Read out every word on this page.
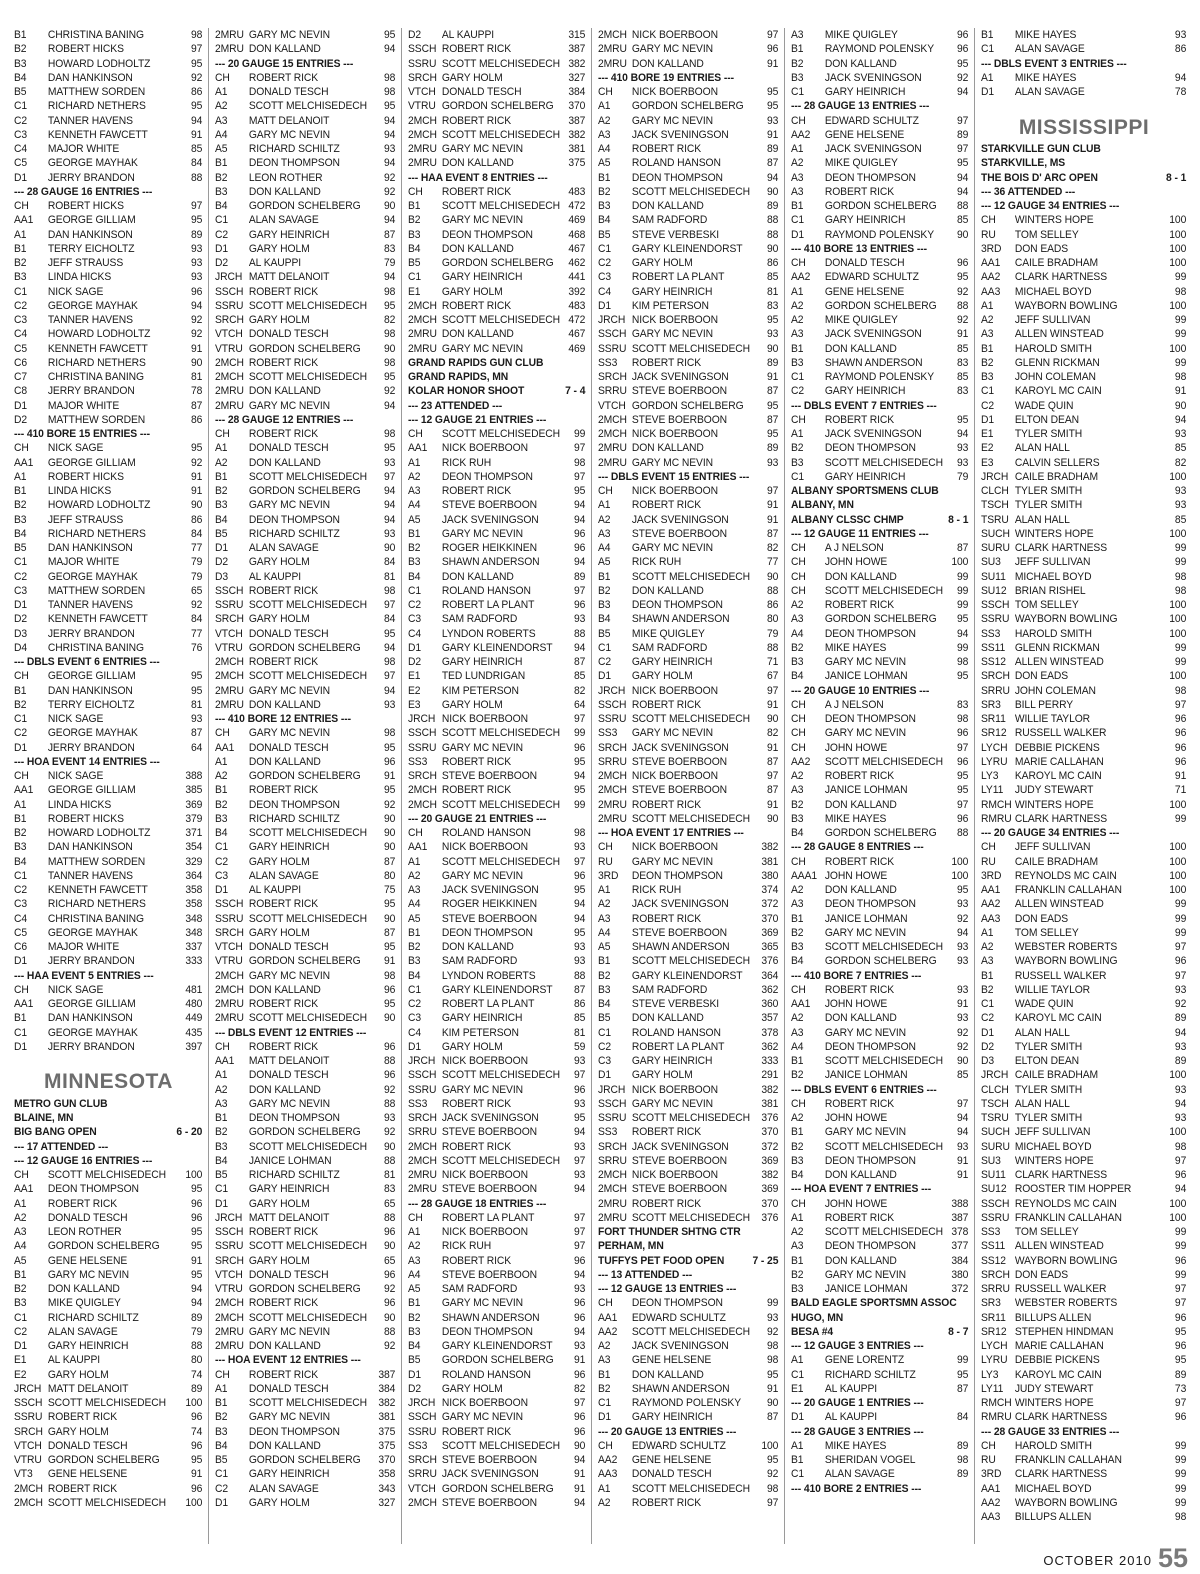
B1	CHRISTINA BANING	98
B2	ROBERT HICKS	97
B3	HOWARD LODHOLTZ	95
B4	DAN HANKINSON	92
B5	MATTHEW SORDEN	86
C1	RICHARD NETHERS	95
C2	TANNER HAVENS	94
C3	KENNETH FAWCETT	91
C4	MAJOR WHITE	85
C5	GEORGE MAYHAK	84
D1	JERRY BRANDON	88
--- 28 GAUGE 16 ENTRIES ---
CH	ROBERT HICKS	97
AA1	GEORGE GILLIAM	95
A1	DAN HANKINSON	89
B1	TERRY EICHOLTZ	93
B2	JEFF STRAUSS	93
B3	LINDA HICKS	93
C1	NICK SAGE	96
C2	GEORGE MAYHAK	94
C3	TANNER HAVENS	92
C4	HOWARD LODHOLTZ	92
C5	KENNETH FAWCETT	91
C6	RICHARD NETHERS	90
C7	CHRISTINA BANING	81
C8	JERRY BRANDON	78
D1	MAJOR WHITE	87
D2	MATTHEW SORDEN	86
--- 410 BORE 15 ENTRIES ---
CH	NICK SAGE	95
AA1	GEORGE GILLIAM	92
A1	ROBERT HICKS	91
B1	LINDA HICKS	91
B2	HOWARD LODHOLTZ	90
B3	JEFF STRAUSS	86
B4	RICHARD NETHERS	84
B5	DAN HANKINSON	77
C1	MAJOR WHITE	79
C2	GEORGE MAYHAK	79
C3	MATTHEW SORDEN	65
D1	TANNER HAVENS	92
D2	KENNETH FAWCETT	84
D3	JERRY BRANDON	77
D4	CHRISTINA BANING	76
--- DBLS EVENT 6 ENTRIES ---
CH	GEORGE GILLIAM	95
B1	DAN HANKINSON	95
B2	TERRY EICHOLTZ	81
C1	NICK SAGE	93
C2	GEORGE MAYHAK	87
D1	JERRY BRANDON	64
--- HOA EVENT 14 ENTRIES ---
CH	NICK SAGE	388
AA1	GEORGE GILLIAM	385
A1	LINDA HICKS	369
B1	ROBERT HICKS	379
B2	HOWARD LODHOLTZ	371
B3	DAN HANKINSON	354
B4	MATTHEW SORDEN	329
C1	TANNER HAVENS	364
C2	KENNETH FAWCETT	358
C3	RICHARD NETHERS	358
C4	CHRISTINA BANING	348
C5	GEORGE MAYHAK	348
C6	MAJOR WHITE	337
D1	JERRY BRANDON	333
--- HAA EVENT 5 ENTRIES ---
CH	NICK SAGE	481
AA1	GEORGE GILLIAM	480
B1	DAN HANKINSON	449
C1	GEORGE MAYHAK	435
D1	JERRY BRANDON	397
MINNESOTA
METRO GUN CLUB
BLAINE, MN
BIG BANG OPEN	6 - 20
--- 17 ATTENDED ---
--- 12 GAUGE 16 ENTRIES ---
CH	SCOTT MELCHISEDECH	100
AA1	DEON THOMPSON	95
A1	ROBERT RICK	96
A2	DONALD TESCH	96
A3	LEON ROTHER	95
A4	GORDON SCHELBERG	95
A5	GENE HELSENE	91
B1	GARY MC NEVIN	95
B2	DON KALLAND	94
B3	MIKE QUIGLEY	94
C1	RICHARD SCHILTZ	89
C2	ALAN SAVAGE	79
D1	GARY HEINRICH	88
E1	AL KAUPPI	80
E2	GARY HOLM	74
JRCH MATT DELANOIT	89
SSCH SCOTT MELCHISEDECH	100
SSRU ROBERT RICK	96
SRCH GARY HOLM	74
VTCH DONALD TESCH	96
VTRU GORDON SCHELBERG	95
VT3	GENE HELSENE	91
2MCH ROBERT RICK	96
2MCH SCOTT MELCHISEDECH	100
2MRU GARY MC NEVIN	95
2MRU DON KALLAND	94
--- 20 GAUGE 15 ENTRIES ---
CH	ROBERT RICK	98
A1	DONALD TESCH	98
A2	SCOTT MELCHISEDECH	95
A3	MATT DELANOIT	94
A4	GARY MC NEVIN	94
A5	RICHARD SCHILTZ	93
B1	DEON THOMPSON	94
B2	LEON ROTHER	92
B3	DON KALLAND	92
B4	GORDON SCHELBERG	90
C1	ALAN SAVAGE	94
C2	GARY HEINRICH	87
D1	GARY HOLM	83
D2	AL KAUPPI	79
JRCH MATT DELANOIT	94
SSCH ROBERT RICK	98
SSRU SCOTT MELCHISEDECH	95
SRCH GARY HOLM	82
VTCH DONALD TESCH	98
VTRU GORDON SCHELBERG	90
2MCH ROBERT RICK	98
2MCH SCOTT MELCHISEDECH	95
2MRU DON KALLAND	92
2MRU GARY MC NEVIN	94
--- 28 GAUGE 12 ENTRIES ---
CH	ROBERT RICK	98
A1	DONALD TESCH	95
A2	DON KALLAND	93
B1	SCOTT MELCHISEDECH	97
B2	GORDON SCHELBERG	94
B3	GARY MC NEVIN	94
B4	DEON THOMPSON	94
B5	RICHARD SCHILTZ	93
D1	ALAN SAVAGE	90
D2	GARY HOLM	84
D3	AL KAUPPI	81
SSCH ROBERT RICK	98
SSRU SCOTT MELCHISEDECH	97
SRCH GARY HOLM	84
VTCH DONALD TESCH	95
VTRU GORDON SCHELBERG	94
2MCH ROBERT RICK	98
2MCH SCOTT MELCHISEDECH	97
2MRU GARY MC NEVIN	94
2MRU DON KALLAND	93
--- 410 BORE 12 ENTRIES ---
CH	GARY MC NEVIN	98
AA1	DONALD TESCH	95
A1	DON KALLAND	96
A2	GORDON SCHELBERG	91
B1	ROBERT RICK	95
B2	DEON THOMPSON	92
B3	RICHARD SCHILTZ	90
B4	SCOTT MELCHISEDECH	90
C1	GARY HEINRICH	90
C2	GARY HOLM	87
C3	ALAN SAVAGE	80
D1	AL KAUPPI	75
SSCH ROBERT RICK	95
SSRU SCOTT MELCHISEDECH	90
SRCH GARY HOLM	87
VTCH DONALD TESCH	95
VTRU GORDON SCHELBERG	91
2MCH GARY MC NEVIN	98
2MCH DON KALLAND	96
2MRU ROBERT RICK	95
2MRU SCOTT MELCHISEDECH	90
--- DBLS EVENT 12 ENTRIES ---
CH	ROBERT RICK	96
AA1	MATT DELANOIT	88
A1	DONALD TESCH	96
A2	DON KALLAND	92
A3	GARY MC NEVIN	88
B1	DEON THOMPSON	93
B2	GORDON SCHELBERG	92
B3	SCOTT MELCHISEDECH	90
B4	JANICE LOHMAN	88
B5	RICHARD SCHILTZ	81
C1	GARY HEINRICH	83
D1	GARY HOLM	65
JRCH MATT DELANOIT	88
SSCH ROBERT RICK	96
SSRU SCOTT MELCHISEDECH	90
SRCH GARY HOLM	65
VTCH DONALD TESCH	96
VTRU GORDON SCHELBERG	92
2MCH ROBERT RICK	96
2MCH SCOTT MELCHISEDECH	90
2MRU GARY MC NEVIN	88
2MRU DON KALLAND	92
--- HOA EVENT 12 ENTRIES ---
CH	ROBERT RICK	387
A1	DONALD TESCH	384
B1	SCOTT MELCHISEDECH	382
B2	GARY MC NEVIN	381
B3	DEON THOMPSON	375
B4	DON KALLAND	375
B5	GORDON SCHELBERG	370
C1	GARY HEINRICH	358
C2	ALAN SAVAGE	343
D1	GARY HOLM	327
D2	AL KAUPPI	315
SSCH ROBERT RICK	387
SSRU SCOTT MELCHISEDECH 382
SRCH GARY HOLM	327
VTCH DONALD TESCH	384
VTRU GORDON SCHELBERG	370
2MCH ROBERT RICK	387
2MCH SCOTT MELCHISEDECH 382
2MRU GARY MC NEVIN	381
2MRU DON KALLAND	375
--- HAA EVENT 8 ENTRIES ---
CH	ROBERT RICK	483
B1	SCOTT MELCHISEDECH 472
B2	GARY MC NEVIN	469
B3	DEON THOMPSON	468
B4	DON KALLAND	467
B5	GORDON SCHELBERG	462
C1	GARY HEINRICH	441
E1	GARY HOLM	392
2MCH ROBERT RICK	483
2MCH SCOTT MELCHISEDECH 472
2MRU DON KALLAND	467
2MRU GARY MC NEVIN	469
GRAND RAPIDS GUN CLUB
GRAND RAPIDS, MN
KOLAR HONOR SHOOT	7 - 4
--- 23 ATTENDED ---
--- 12 GAUGE 21 ENTRIES ---
CH	SCOTT MELCHISEDECH	99
AA1	NICK BOERBOON	97
A1	RICK RUH	98
A2	DEON THOMPSON	97
A3	ROBERT RICK	95
A4	STEVE BOERBOON	94
A5	JACK SVENINGSON	94
B1	GARY MC NEVIN	96
B2	ROGER HEIKKINEN	96
B3	SHAWN ANDERSON	94
B4	DON KALLAND	89
C1	ROLAND HANSON	97
C2	ROBERT LA PLANT	96
C3	SAM RADFORD	93
C4	LYNDON ROBERTS	88
D1	GARY KLEINENDORST	94
D2	GARY HEINRICH	87
E1	TED LUNDRIGAN	85
E2	KIM PETERSON	82
E3	GARY HOLM	64
JRCH NICK BOERBOON	97
SSCH SCOTT MELCHISEDECH	99
SSRU GARY MC NEVIN	96
SS3	ROBERT RICK	95
SRCH STEVE BOERBOON	94
2MCH ROBERT RICK	95
2MCH SCOTT MELCHISEDECH	99
--- 20 GAUGE 21 ENTRIES ---
CH	ROLAND HANSON	98
AA1	NICK BOERBOON	93
A1	SCOTT MELCHISEDECH	97
A2	GARY MC NEVIN	96
A3	JACK SVENINGSON	95
A4	ROGER HEIKKINEN	94
A5	STEVE BOERBOON	94
B1	DEON THOMPSON	95
B2	DON KALLAND	93
B3	SAM RADFORD	93
B4	LYNDON ROBERTS	88
C1	GARY KLEINENDORST	87
C2	ROBERT LA PLANT	86
C3	GARY HEINRICH	85
C4	KIM PETERSON	81
D1	GARY HOLM	59
JRCH NICK BOERBOON	93
SSCH SCOTT MELCHISEDECH	97
SSRU GARY MC NEVIN	96
SS3	ROBERT RICK	93
SRCH JACK SVENINGSON	95
SRRU STEVE BOERBOON	94
2MCH ROBERT RICK	93
2MCH SCOTT MELCHISEDECH	97
2MRU NICK BOERBOON	93
2MRU STEVE BOERBOON	94
--- 28 GAUGE 18 ENTRIES ---
CH	ROBERT LA PLANT	97
A1	NICK BOERBOON	97
A2	RICK RUH	97
A3	ROBERT RICK	96
A4	STEVE BOERBOON	94
A5	SAM RADFORD	93
B1	GARY MC NEVIN	96
B2	SHAWN ANDERSON	96
B3	DEON THOMPSON	94
B4	GARY KLEINENDORST	93
B5	GORDON SCHELBERG	91
D1	ROLAND HANSON	96
D2	GARY HOLM	82
JRCH NICK BOERBOON	97
SSCH GARY MC NEVIN	96
SSRU ROBERT RICK	96
SS3	SCOTT MELCHISEDECH	90
SRCH STEVE BOERBOON	94
SRRU JACK SVENINGSON	91
VTCH GORDON SCHELBERG	91
2MCH STEVE BOERBOON	94
2MCH NICK BOERBOON	97
2MRU GARY MC NEVIN	96
2MRU DON KALLAND	91
--- 410 BORE 19 ENTRIES ---
CH	NICK BOERBOON	95
A1	GORDON SCHELBERG	95
A2	GARY MC NEVIN	93
A3	JACK SVENINGSON	91
A4	ROBERT RICK	89
A5	ROLAND HANSON	87
B1	DEON THOMPSON	94
B2	SCOTT MELCHISEDECH	90
B3	DON KALLAND	89
B4	SAM RADFORD	88
B5	STEVE VERBESKI	88
C1	GARY KLEINENDORST	90
C2	GARY HOLM	86
C3	ROBERT LA PLANT	85
C4	GARY HEINRICH	81
D1	KIM PETERSON	83
JRCH NICK BOERBOON	95
SSCH GARY MC NEVIN	93
SSRU SCOTT MELCHISEDECH	90
SS3	ROBERT RICK	89
SRCH JACK SVENINGSON	91
SRRU STEVE BOERBOON	87
VTCH GORDON SCHELBERG	95
2MCH STEVE BOERBOON	87
2MCH NICK BOERBOON	95
2MRU DON KALLAND	89
2MRU GARY MC NEVIN	93
--- DBLS EVENT 15 ENTRIES ---
CH	NICK BOERBOON	97
A1	ROBERT RICK	91
A2	JACK SVENINGSON	91
A3	STEVE BOERBOON	87
A4	GARY MC NEVIN	82
A5	RICK RUH	77
B1	SCOTT MELCHISEDECH	90
B2	DON KALLAND	88
B3	DEON THOMPSON	86
B4	SHAWN ANDERSON	80
B5	MIKE QUIGLEY	79
C1	SAM RADFORD	88
C2	GARY HEINRICH	71
D1	GARY HOLM	67
JRCH NICK BOERBOON	97
SSCH ROBERT RICK	91
SSRU SCOTT MELCHISEDECH	90
SS3	GARY MC NEVIN	82
SRCH JACK SVENINGSON	91
SRRU STEVE BOERBOON	87
2MCH NICK BOERBOON	97
2MCH STEVE BOERBOON	87
2MRU ROBERT RICK	91
2MRU SCOTT MELCHISEDECH	90
--- HOA EVENT 17 ENTRIES ---
CH	NICK BOERBOON	382
RU	GARY MC NEVIN	381
3RD	DEON THOMPSON	380
A1	RICK RUH	374
A2	JACK SVENINGSON	372
A3	ROBERT RICK	370
A4	STEVE BOERBOON	369
A5	SHAWN ANDERSON	365
B1	SCOTT MELCHISEDECH	376
B2	GARY KLEINENDORST	364
B3	SAM RADFORD	362
B4	STEVE VERBESKI	360
B5	DON KALLAND	357
C1	ROLAND HANSON	378
C2	ROBERT LA PLANT	362
C3	GARY HEINRICH	333
D1	GARY HOLM	291
JRCH NICK BOERBOON	382
SSCH GARY MC NEVIN	381
SSRU SCOTT MELCHISEDECH	376
SS3	ROBERT RICK	370
SRCH JACK SVENINGSON	372
SRRU STEVE BOERBOON	369
2MCH NICK BOERBOON	382
2MCH STEVE BOERBOON	369
2MRU ROBERT RICK	370
2MRU SCOTT MELCHISEDECH	376
FORT THUNDER SHTNG CTR
PERHAM, MN
TUFFYS PET FOOD OPEN	7 - 25
--- 13 ATTENDED ---
--- 12 GAUGE 13 ENTRIES ---
CH	DEON THOMPSON	99
AA1	EDWARD SCHULTZ	93
AA2	SCOTT MELCHISEDECH	92
A2	JACK SVENINGSON	98
A3	GENE HELSENE	98
B1	DON KALLAND	95
B2	SHAWN ANDERSON	91
C1	RAYMOND POLENSKY	90
D1	GARY HEINRICH	87
--- 20 GAUGE 13 ENTRIES ---
CH	EDWARD SCHULTZ	100
AA2	GENE HELSENE	95
AA3	DONALD TESCH	92
A1	SCOTT MELCHISEDECH	98
A2	ROBERT RICK	97
A3	MIKE QUIGLEY	96
B1	RAYMOND POLENSKY	96
B2	DON KALLAND	95
B3	JACK SVENINGSON	92
C1	GARY HEINRICH	94
--- 28 GAUGE 13 ENTRIES ---
CH	EDWARD SCHULTZ	97
AA2	GENE HELSENE	89
A1	JACK SVENINGSON	97
A2	MIKE QUIGLEY	95
A3	DEON THOMPSON	94
A3	ROBERT RICK	94
B1	GORDON SCHELBERG	88
C1	GARY HEINRICH	85
D1	RAYMOND POLENSKY	90
--- 410 BORE 13 ENTRIES ---
CH	DONALD TESCH	96
AA2	EDWARD SCHULTZ	95
A1	GENE HELSENE	92
A2	GORDON SCHELBERG	88
A2	MIKE QUIGLEY	92
A3	JACK SVENINGSON	91
B1	DON KALLAND	85
B3	SHAWN ANDERSON	83
C1	RAYMOND POLENSKY	85
C2	GARY HEINRICH	83
--- DBLS EVENT 7 ENTRIES ---
CH	ROBERT RICK	95
A1	JACK SVENINGSON	94
B2	DEON THOMPSON	93
B3	SCOTT MELCHISEDECH	93
C1	GARY HEINRICH	79
ALBANY SPORTSMENS CLUB
ALBANY, MN
ALBANY CLSSC CHMP	8 - 1
--- 12 GAUGE 11 ENTRIES ---
CH	A J NELSON	87
CH	JOHN HOWE	100
CH	DON KALLAND	99
CH	SCOTT MELCHISEDECH	99
A2	ROBERT RICK	99
A3	GORDON SCHELBERG	95
A4	DEON THOMPSON	94
B2	MIKE HAYES	99
B3	GARY MC NEVIN	98
B4	JANICE LOHMAN	95
--- 20 GAUGE 10 ENTRIES ---
CH	A J NELSON	83
CH	DEON THOMPSON	98
CH	GARY MC NEVIN	96
CH	JOHN HOWE	97
AA2	SCOTT MELCHISEDECH	96
A2	ROBERT RICK	95
A3	JANICE LOHMAN	95
B2	DON KALLAND	97
B3	MIKE HAYES	96
B4	GORDON SCHELBERG	88
--- 28 GAUGE 8 ENTRIES ---
CH	ROBERT RICK	100
AAA1 JOHN HOWE	100
A2	DON KALLAND	95
A3	DEON THOMPSON	93
B1	JANICE LOHMAN	92
B2	GARY MC NEVIN	94
B3	SCOTT MELCHISEDECH	93
B4	GORDON SCHELBERG	93
--- 410 BORE 7 ENTRIES ---
CH	ROBERT RICK	93
AA1	JOHN HOWE	91
A2	DON KALLAND	93
A3	GARY MC NEVIN	92
A4	DEON THOMPSON	92
B1	SCOTT MELCHISEDECH	90
B2	JANICE LOHMAN	85
--- DBLS EVENT 6 ENTRIES ---
CH	ROBERT RICK	97
A2	JOHN HOWE	94
B1	GARY MC NEVIN	94
B2	SCOTT MELCHISEDECH	93
B3	DEON THOMPSON	91
B4	DON KALLAND	91
--- HOA EVENT 7 ENTRIES ---
CH	JOHN HOWE	388
A1	ROBERT RICK	387
A2	SCOTT MELCHISEDECH 378
A3	DEON THOMPSON	377
B1	DON KALLAND	384
B2	GARY MC NEVIN	380
B3	JANICE LOHMAN	372
BALD EAGLE SPORTSMN ASSOC
HUGO, MN
BESA #4	8 - 7
--- 12 GAUGE 3 ENTRIES ---
A1	GENE LORENTZ	99
C1	RICHARD SCHILTZ	95
E1	AL KAUPPI	87
--- 20 GAUGE 1 ENTRIES ---
D1	AL KAUPPI	84
--- 28 GAUGE 3 ENTRIES ---
A1	MIKE HAYES	89
B1	SHERIDAN VOGEL	98
C1	ALAN SAVAGE	89
--- 410 BORE 2 ENTRIES ---
B1	MIKE HAYES	93
C1	ALAN SAVAGE	86
--- DBLS EVENT 3 ENTRIES ---
A1	MIKE HAYES	94
D1	ALAN SAVAGE	78
MISSISSIPPI
STARKVILLE GUN CLUB
STARKVILLE, MS
THE BOIS D' ARC OPEN	8 - 1
--- 36 ATTENDED ---
--- 12 GAUGE 34 ENTRIES ---
CH	WINTERS HOPE	100
RU	TOM SELLEY	100
3RD	DON EADS	100
AA1	CAILE BRADHAM	100
AA2	CLARK HARTNESS	99
AA3	MICHAEL BOYD	98
A1	WAYBORN BOWLING	100
A2	JEFF SULLIVAN	99
A3	ALLEN WINSTEAD	99
B1	HAROLD SMITH	100
B2	GLENN RICKMAN	99
B3	JOHN COLEMAN	98
C1	KAROYL MC CAIN	91
C2	WADE QUIN	90
D1	ELTON DEAN	94
E1	TYLER SMITH	93
E2	ALAN HALL	85
E3	CALVIN SELLERS	82
JRCH CAILE BRADHAM	100
CLCH TYLER SMITH	93
TSCH TYLER SMITH	93
TSRU ALAN HALL	85
SUCH WINTERS HOPE	100
SURU CLARK HARTNESS	99
SU3	JEFF SULLIVAN	99
SU11 MICHAEL BOYD	98
SU12 BRIAN RISHEL	98
SSCH TOM SELLEY	100
SSRU WAYBORN BOWLING	100
SS3	HAROLD SMITH	100
SS11 GLENN RICKMAN	99
SS12 ALLEN WINSTEAD	99
SRCH DON EADS	100
SRRU JOHN COLEMAN	98
SR3	BILL PERRY	97
SR11 WILLIE TAYLOR	96
SR12 RUSSELL WALKER	96
LYCH DEBBIE PICKENS	96
LYRU MARIE CALLAHAN	96
LY3	KAROYL MC CAIN	91
LY11	JUDY STEWART	71
RMCH WINTERS HOPE	100
RMRU CLARK HARTNESS	99
--- 20 GAUGE 34 ENTRIES ---
CH	JEFF SULLIVAN	100
RU	CAILE BRADHAM	100
3RD	REYNOLDS MC CAIN	100
AA1	FRANKLIN CALLAHAN	100
AA2	ALLEN WINSTEAD	99
AA3	DON EADS	99
A1	TOM SELLEY	99
A2	WEBSTER ROBERTS	97
A3	WAYBORN BOWLING	96
B1	RUSSELL WALKER	97
B2	WILLIE TAYLOR	93
C1	WADE QUIN	92
C2	KAROYL MC CAIN	89
D1	ALAN HALL	94
D2	TYLER SMITH	93
D3	ELTON DEAN	89
JRCH CAILE BRADHAM	100
CLCH TYLER SMITH	93
TSCH ALAN HALL	94
TSRU TYLER SMITH	93
SUCH JEFF SULLIVAN	100
SURU MICHAEL BOYD	98
SU3	WINTERS HOPE	97
SU11 CLARK HARTNESS	96
SU12 ROOSTER TIM HOPPER	94
SSCH REYNOLDS MC CAIN	100
SSRU FRANKLIN CALLAHAN	100
SS3	TOM SELLEY	99
SS11 ALLEN WINSTEAD	99
SS12 WAYBORN BOWLING	96
SRCH DON EADS	99
SRRU RUSSELL WALKER	97
SR3	WEBSTER ROBERTS	97
SR11 BILLUPS ALLEN	96
SR12 STEPHEN HINDMAN	95
LYCH MARIE CALLAHAN	96
LYRU DEBBIE PICKENS	95
LY3	KAROYL MC CAIN	89
LY11	JUDY STEWART	73
RMCH WINTERS HOPE	97
RMRU CLARK HARTNESS	96
--- 28 GAUGE 33 ENTRIES ---
CH	HAROLD SMITH	99
RU	FRANKLIN CALLAHAN	99
3RD	CLARK HARTNESS	99
AA1	MICHAEL BOYD	99
AA2	WAYBORN BOWLING	99
AA3	BILLUPS ALLEN	98
OCTOBER 2010 55
